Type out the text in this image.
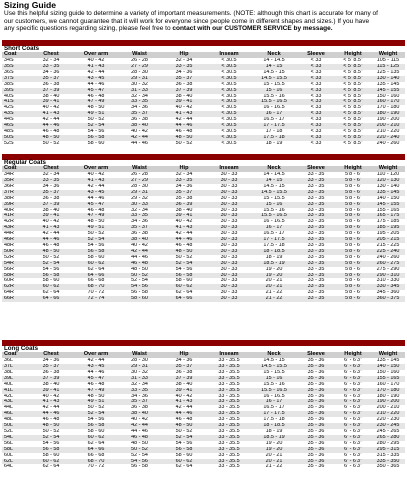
Sizing Guide
Use this helpful sizing guide to determine a variety of important measurements. (NOTE: although this chart is accurate for many of
our customers, we cannot guarantee that it will work for everyone since people come in different shapes and sizes.) If you have
any specific questions regarding sizing, please feel free to contact with our CUSTOMER SERVICE by message.
Short Coats
Coat	Chest	Over arm	Waist	Hip	Inseam	Neck	Sleeve	Height	Weight
34S	32 - 34	40 - 42	26 - 28	32 - 34	< 30.5	14 - 14.5	< 33	< 5' 8.5"	105 - 115
35S	33 - 35	41 - 43	27 - 29	33 - 35	< 30.5	14 - 15	< 33	< 5' 8.5"	115 - 125
36S	34 - 36	42 - 44	28 - 30	34 - 36	< 30.5	14.5 - 15	< 33	< 5' 8.5"	125 - 135
37S	35 - 37	43 - 45	29 - 31	35 - 37	< 30.5	14.5 - 15.5	< 33	< 5' 8.5"	130 - 140
38S	36 - 38	44 - 46	30 - 32	36 - 38	< 30.5	15 - 15.5	< 33	< 5' 8.5"	135 - 145
39S	37 - 39	45 - 47	31 - 33	37 - 39	< 30.5	15 - 16	< 33	< 5' 8.5"	145 - 155
40S	38 - 40	46 - 48	32 - 34	38 - 40	< 30.5	15.5 - 16	< 33	< 5' 8.5"	150 - 160
41S	39 - 41	47 - 49	33 - 35	39 - 41	< 30.5	15.5 - 16.5	< 33	< 5' 8.5"	160 - 170
42S	40 - 42	48 - 50	34 - 36	40 - 42	< 30.5	16 - 16.5	< 33	< 5' 8.5"	170 - 180
43S	41 - 43	49 - 51	35 - 37	41 - 43	< 30.5	16 - 17	< 33	< 5' 8.5"	180 - 190
44S	42 - 44	50 - 52	36 - 38	42 - 44	< 30.5	16.5 - 17	< 33	< 5' 8.5"	190 - 200
46S	44 - 46	52 - 54	38 - 40	44 - 46	< 30.5	17 - 17.5	< 33	< 5' 8.5"	200 - 210
48S	46 - 48	54 - 56	40 - 42	46 - 48	< 30.5	17 - 18	< 33	< 5' 8.5"	210 - 220
50S	48 - 50	56 - 58	42 - 44	48 - 50	< 30.5	17.5 - 18	< 33	< 5' 8.5"	220 - 240
52S	50 - 52	58 - 60	44 - 46	50 - 52	< 30.5	18 - 19	< 33	< 5' 8.5"	240 - 260
Regular Coats
Coat	Chest	Over arm	Waist	Hip	Inseam	Neck	Sleeve	Height	Weight
34R	32 - 34	40 - 42	26 - 28	32 - 34	30 - 33	14 - 14.5	33 - 35	5'8 - 6'	110 - 120
35R	33 - 35	41 - 43	27 - 29	33 - 35	30 - 33	14 - 15	33 - 35	5'8 - 6'	120 - 130
36R	34 - 36	42 - 44	28 - 30	34 - 36	30 - 33	14.5 - 15	33 - 35	5'8 - 6'	130 - 140
37R	35 - 37	43 - 45	29 - 31	35 - 37	30 - 33	14.5 - 15.5	33 - 35	5'8 - 6'	135 - 145
38R	36 - 38	44 - 46	29 - 32	35 - 38	30 - 33	15 - 15.5	33 - 35	5'8 - 6'	140 - 150
39R	37 - 39	45 - 47	30 - 33	36 - 39	30 - 33	15 - 16	33 - 35	5'8 - 6'	145 - 155
40R	38 - 40	46 - 48	32 - 34	38 - 40	30 - 33	15.5 - 16	33 - 35	5'8 - 6'	155 - 165
41R	39 - 41	47 - 49	33 - 35	39 - 41	30 - 33	15.5 - 16.5	33 - 35	5'8 - 6'	165 - 175
42R	40 - 42	48 - 50	34 - 36	40 - 42	30 - 33	16 - 16.5	33 - 35	5'8 - 6'	175 - 185
43R	41 - 43	49 - 51	35 - 37	41 - 43	30 - 33	16 - 17	33 - 35	5'8 - 6'	185 - 195
44R	42 - 44	50 - 52	36 - 38	42 - 44	30 - 33	16.5 - 17	33 - 35	5'8 - 6'	195 - 205
46R	44 - 46	52 - 54	38 - 40	44 - 46	30 - 33	17 - 17.5	33 - 35	5'8 - 6'	205 - 215
48R	46 - 48	54 - 56	40 - 42	46 - 48	30 - 33	17.5 - 18	33 - 35	5'8 - 6'	215 - 225
50R	48 - 50	56 - 58	42 - 44	48 - 50	30 - 33	18 - 18.5	33 - 35	5'8 - 6'	225 - 240
52R	50 - 52	58 - 60	44 - 46	50 - 52	30 - 33	18 - 19	33 - 35	5'8 - 6'	240 - 260
54R	52 - 54	60 - 62	46 - 48	52 - 54	30 - 33	18.5 - 19	33 - 35	5'8 - 6'	260 - 275
56R	54 - 56	62 - 64	48 - 50	54 - 56	30 - 33	19 - 20	33 - 35	5'8 - 6'	275 - 290
58R	56 - 58	64 - 66	50 - 52	56 - 58	30 - 33	19 - 20	33 - 35	5'8 - 6'	290 - 310
60R	58 - 60	66 - 68	52 - 54	58 - 60	30 - 33	20 - 21	33 - 35	5'8 - 6'	310 - 330
62R	60 - 62	68 - 70	54 - 56	60 - 62	30 - 33	20 - 21	33 - 35	5'8 - 6'	330 - 345
64R	62 - 64	70 - 72	56 - 58	62 - 64	30 - 33	21 - 22	33 - 35	5'8 - 6'	345 - 360
66R	64 - 66	72 - 74	58 - 60	64 - 66	30 - 33	21 - 22	33 - 35	5'8 - 6'	360 - 375
Long Coats
Coat	Chest	Over arm	Waist	Hip	Inseam	Neck	Sleeve	Height	Weight
36L	34 - 36	42 - 44	28 - 30	34 - 36	33 - 35.5	14.5 - 15	35 - 36	6' - 6'3"	135 - 145
37L	35 - 37	43 - 45	29 - 31	35 - 37	33 - 35.5	14.5 - 15.5	35 - 36	6' - 6'3"	140 - 150
38L	36 - 38	44 - 46	30 - 32	36 - 38	33 - 35.5	15 - 15.5	35 - 36	6' - 6'3"	150 - 160
39L	37 - 39	45 - 47	31 - 33	37 - 39	33 - 35.5	15 - 16	35 - 36	6' - 6'3"	155 - 165
40L	38 - 40	46 - 48	32 - 34	38 - 40	33 - 35.5	15.5 - 16	35 - 36	6' - 6'3"	160 - 170
41L	39 - 41	47 - 49	33 - 35	39 - 41	33 - 35.5	15.5 - 16.5	35 - 36	6' - 6'3"	170 - 180
42L	40 - 42	48 - 50	34 - 36	40 - 42	33 - 35.5	16 - 16.5	35 - 36	6' - 6'3"	180 - 190
43L	41 - 43	49 - 51	35 - 37	41 - 43	33 - 35.5	16 - 17	35 - 36	6' - 6'3"	190 - 200
44L	42 - 44	50 - 52	36 - 38	42 - 44	33 - 35.5	16.5 - 17	35 - 36	6' - 6'3"	200 - 210
46L	44 - 46	52 - 54	38 - 40	44 - 46	33 - 35.5	17 - 17.5	35 - 36	6' - 6'3"	210 - 220
48L	46 - 48	54 - 56	40 - 42	46 - 48	33 - 35.5	17.5 - 18	35 - 36	6' - 6'3"	220 - 230
50L	48 - 50	56 - 58	42 - 44	48 - 50	33 - 35.5	18 - 18.5	35 - 36	6' - 6'3"	230 - 245
52L	50 - 52	58 - 60	44 - 46	50 - 52	33 - 35.5	18 - 19	35 - 36	6' - 6'3"	245 - 265
54L	52 - 54	60 - 62	46 - 48	52 - 54	33 - 35.5	18.5 - 19	35 - 36	6' - 6'3"	265 - 280
56L	54 - 56	62 - 64	48 - 50	54 - 56	33 - 35.5	19 - 20	35 - 36	6' - 6'3"	280 - 295
58L	56 - 58	64 - 66	50 - 52	56 - 58	33 - 35.5	19 - 20	35 - 36	6' - 6'3"	295 - 315
60L	58 - 60	66 - 68	52 - 54	58 - 60	33 - 35.5	20 - 21	35 - 36	6' - 6'3"	315 - 335
62L	60 - 62	68 - 70	54 - 56	60 - 62	33 - 35.5	20 - 21	35 - 36	6' - 6'3"	335 - 350
64L	62 - 64	70 - 72	56 - 58	62 - 64	33 - 35.5	21 - 22	35 - 36	6' - 6'3"	350 - 365
